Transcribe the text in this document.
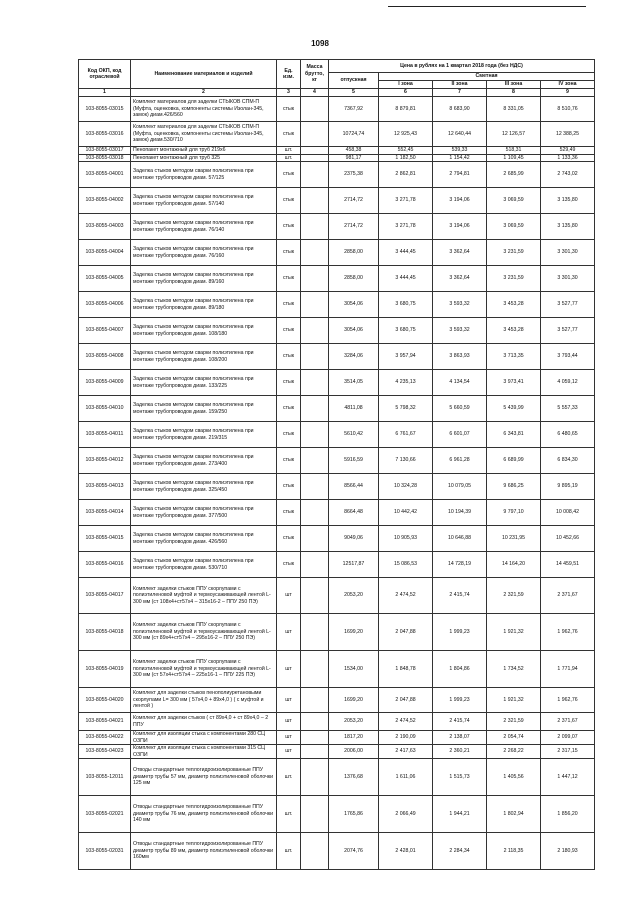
1098
Код ОКП, код отраслевой	Наименование материалов и изделий	Ед. изм.	Масса брутто, кг	Цена в рублях на 1 квартал 2018 года (без НДС)				
				отпускная	Сметная			
					I зона	II зона	III зона	IV зона
1	2	3	4	5	6	7	8	9
103-8055-03015	Комплект материалов для заделки СТЫКОВ СПМ-П (Муфта, оценковка, компоненты системы Изолан-345, замок) диам.426/560	стык		7367,92	8 879,81	8 683,90	8 331,05	8 510,76
103-8055-03016	Комплект материалов для заделки СТЫКОВ СПМ-П (Муфта, оценковка, компоненты системы Изолан-345, замок) диам.530/710	стык		10724,74	12 925,43	12 640,44	12 126,57	12 388,25
103-8055-03017	Пенопакет монтажный для труб 219x6	шт.		458,38	552,45	539,33	518,31	529,49
103-8055-03018	Пенопакет монтажный для труб 325	шт.		981,17	1 182,50	1 154,42	1 109,45	1 133,36
103-8055-04001	Заделка стыков методом сварки полиэтилена при монтаже трубопроводов диам. 57/125	стык		2375,38	2 862,81	2 794,81	2 685,99	2 743,02
103-8055-04002	Заделка стыков методом сварки полиэтилена при монтаже трубопроводов диам. 57/140	стык		2714,72	3 271,78	3 194,06	3 069,59	3 135,80
103-8055-04003	Заделка стыков методом сварки полиэтилена при монтаже трубопроводов диам. 76/140	стык		2714,72	3 271,78	3 194,06	3 069,59	3 135,80
103-8055-04004	Заделка стыков методом сварки полиэтилена при монтаже трубопроводов диам. 76/160	стык		2858,00	3 444,45	3 362,64	3 231,59	3 301,30
103-8055-04005	Заделка стыков методом сварки полиэтилена при монтаже трубопроводов диам. 89/160	стык		2858,00	3 444,45	3 362,64	3 231,59	3 301,30
103-8055-04006	Заделка стыков методом сварки полиэтилена при монтаже трубопроводов диам. 89/180	стык		3054,06	3 680,75	3 593,32	3 453,28	3 527,77
103-8055-04007	Заделка стыков методом сварки полиэтилена при монтаже трубопроводов диам. 108/180	стык		3054,06	3 680,75	3 593,32	3 453,28	3 527,77
103-8055-04008	Заделка стыков методом сварки полиэтилена при монтаже трубопроводов диам. 108/200	стык		3284,06	3 957,94	3 863,93	3 713,35	3 793,44
103-8055-04009	Заделка стыков методом сварки полиэтилена при монтаже трубопроводов диам. 133/225	стык		3514,05	4 235,13	4 134,54	3 973,41	4 059,12
103-8055-04010	Заделка стыков методом сварки полиэтилена при монтаже трубопроводов диам. 159/250	стык		4811,08	5 798,32	5 660,59	5 439,99	5 557,33
103-8055-04011	Заделка стыков методом сварки полиэтилена при монтаже трубопроводов диам. 219/315	стык		5610,42	6 761,67	6 601,07	6 343,81	6 480,65
103-8055-04012	Заделка стыков методом сварки полиэтилена при монтаже трубопроводов диам. 273/400	стык		5916,59	7 130,66	6 961,28	6 689,99	6 834,30
103-8055-04013	Заделка стыков методом сварки полиэтилена при монтаже трубопроводов диам. 325/450	стык		8566,44	10 324,28	10 079,05	9 686,25	9 895,19
103-8055-04014	Заделка стыков методом сварки полиэтилена при монтаже трубопроводов диам. 377/500	стык		8664,48	10 442,42	10 194,39	9 797,10	10 008,42
103-8055-04015	Заделка стыков методом сварки полиэтилена при монтаже трубопроводов диам. 426/560	стык		9049,06	10 905,93	10 646,88	10 231,95	10 452,66
103-8055-04016	Заделка стыков методом сварки полиэтилена при монтаже трубопроводов диам. 530/710	стык		12517,87	15 086,53	14 728,19	14 164,20	14 459,51
103-8055-04017	Комплект заделки стыков ППУ скорлупами с полиэтиленовой муфтой и термоусаживающей лентой L-300 мм (ст 108x4+ст57x4 – 315x16-2 – ППУ 250 ПЭ)	шт		2053,20	2 474,52	2 415,74	2 321,59	2 371,67
103-8055-04018	Комплект заделки стыков ППУ скорлупами с полиэтиленовой муфтой и термоусаживающей лентой L-300 мм (ст 89x4+ст57x4 – 295x16-2 – ППУ 250 ПЭ)	шт		1699,20	2 047,88	1 999,23	1 921,32	1 962,76
103-8055-04019	Комплект заделки стыков ППУ скорлупами с полиэтиленовой муфтой и термоусаживающей лентой L-300 мм (ст 57x4+ст57x4 – 225x16-1 – ППУ 225 ПЭ)	шт		1534,00	1 848,78	1 804,86	1 734,52	1 771,94
103-8055-04020	Комплект для заделки стыков пенополиуретановыми скорлупами L= 300 мм ( 57x4,0 + 89x4,0 ) ( с муфтой и лентой )	шт		1699,20	2 047,88	1 999,23	1 921,32	1 962,76
103-8055-04021	Комплект для заделки стыков ( ст 89x4,0 + ст 89x4,0 – 2 ППУ	шт		2053,20	2 474,52	2 415,74	2 321,59	2 371,67
103-8055-04022	Комплект для изоляции стыка с компонентами 280 СЦ ОЗПИ	шт		1817,20	2 190,09	2 138,07	2 054,74	2 099,07
103-8055-04023	Комплект для изоляции стыка с компонентами 315 СЦ ОЗПИ	шт		2006,00	2 417,63	2 360,21	2 268,22	2 317,15
103-8055-12011	Отводы стандартные теплогидроизолированные ППУ диаметр трубы 57 мм, диаметр полиэтиленовой оболочки 125 мм	шт.		1376,68	1 611,06	1 515,73	1 405,56	1 447,12
103-8055-02021	Отводы стандартные теплогидроизолированные ППУ диаметр трубы 76 мм, диаметр полиэтиленовой оболочки 140 мм	шт.		1765,86	2 066,49	1 944,21	1 802,94	1 856,20
103-8055-02031	Отводы стандартные теплогидроизолированные ППУ диаметр трубы 89 мм, диаметр полиэтиленовой оболочки 160мм	шт.		2074,76	2 428,01	2 284,34	2 118,35	2 180,93
